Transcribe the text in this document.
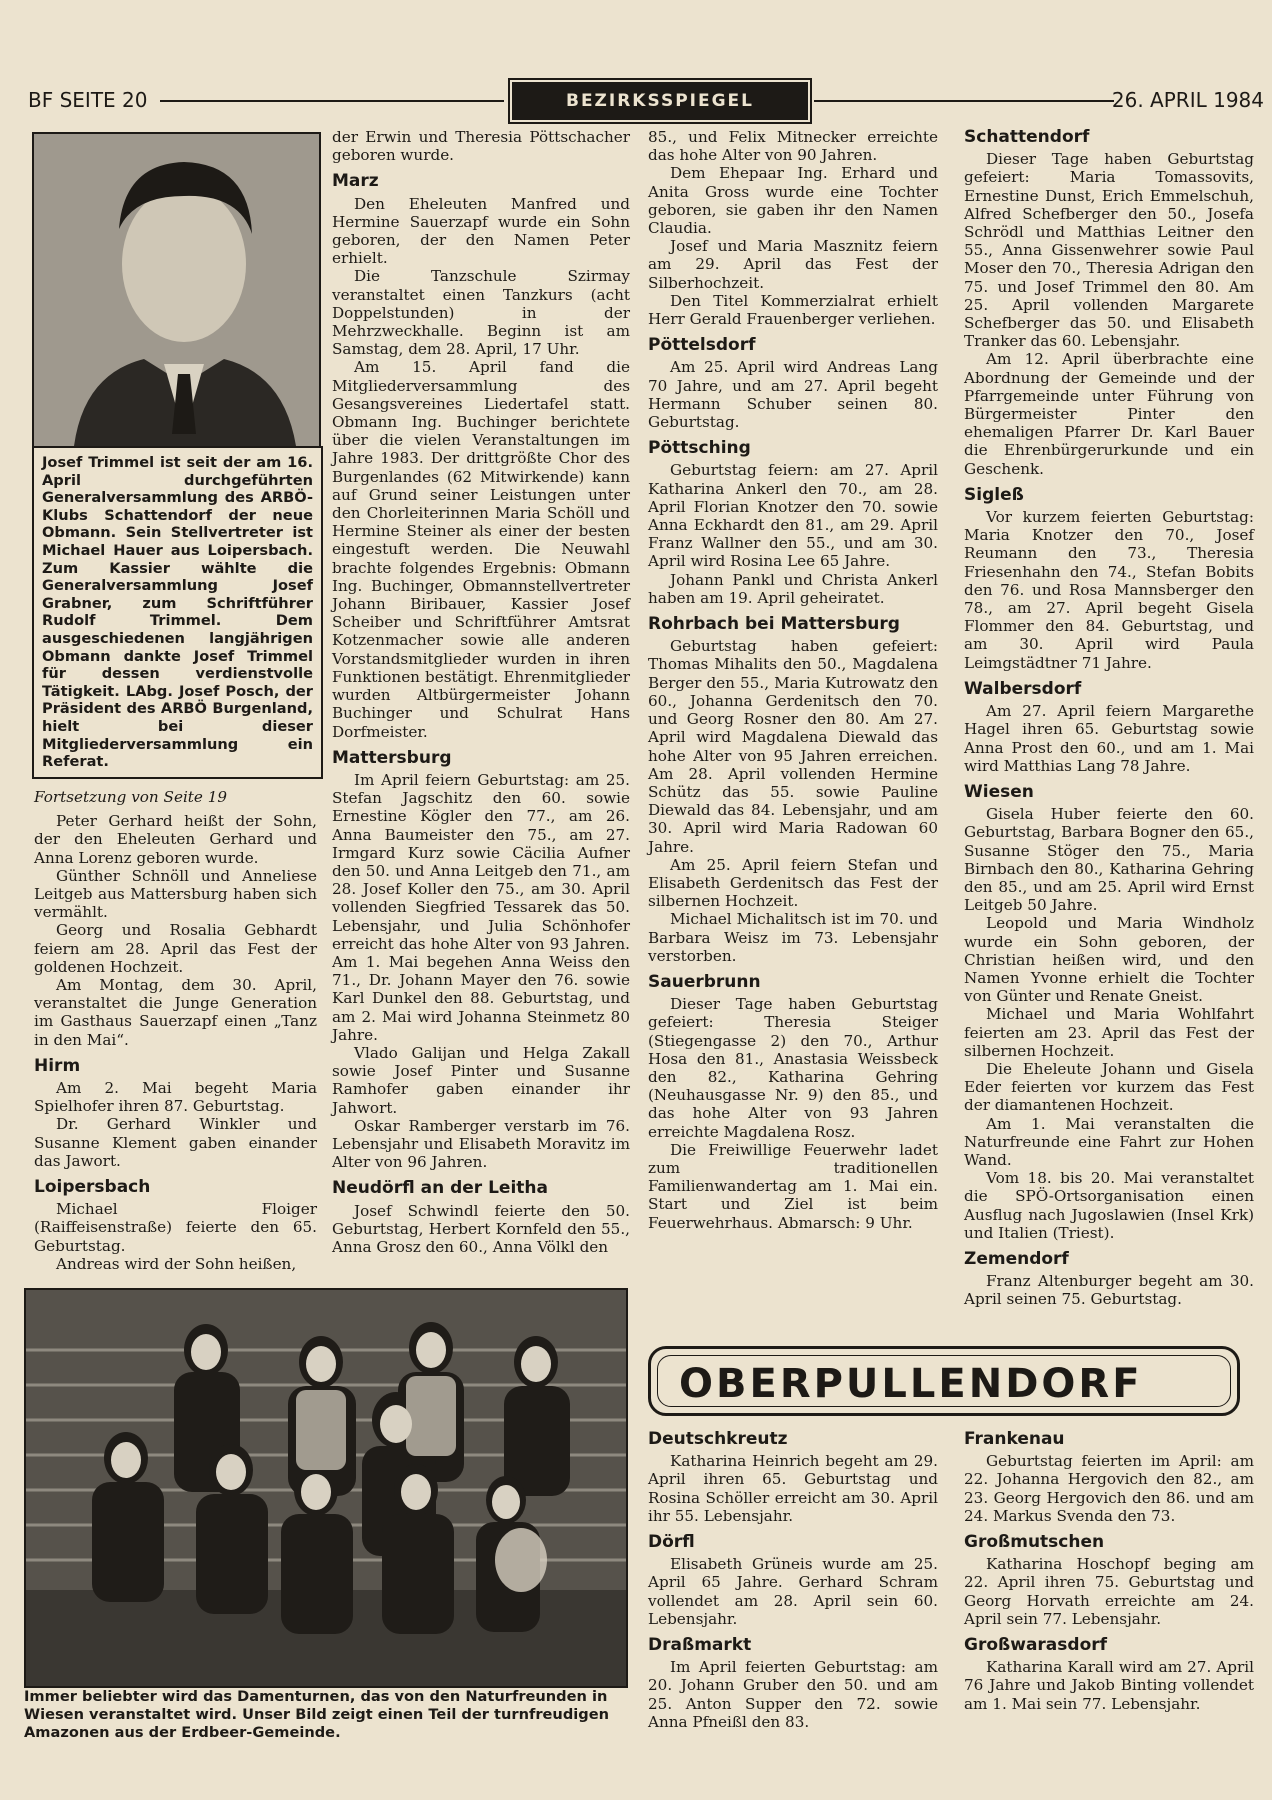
BF SEITE 20	BEZIRKSSPIEGEL	26. APRIL 1984
Josef Trimmel ist seit der am 16. April durchgeführten Generalversammlung des ARBÖ-Klubs Schattendorf der neue Obmann. Sein Stellvertreter ist Michael Hauer aus Loipersbach. Zum Kassier wählte die Generalversammlung Josef Grabner, zum Schriftführer Rudolf Trimmel. Dem ausgeschiedenen langjährigen Obmann dankte Josef Trimmel für dessen verdienstvolle Tätigkeit. LAbg. Josef Posch, der Präsident des ARBÖ Burgenland, hielt bei dieser Mitgliederversammlung ein Referat.

Fortsetzung von Seite 19

Peter Gerhard heißt der Sohn, der den Eheleuten Gerhard und Anna Lorenz geboren wurde.

Günther Schnöll und Anneliese Leitgeb aus Mattersburg haben sich vermählt.

Georg und Rosalia Gebhardt feiern am 28. April das Fest der goldenen Hochzeit.

Am Montag, dem 30. April, veranstaltet die Junge Generation im Gasthaus Sauerzapf einen „Tanz in den Mai“.

Hirm

Am 2. Mai begeht Maria Spielhofer ihren 87. Geburtstag.

Dr. Gerhard Winkler und Susanne Klement gaben einander das Jawort.

Loipersbach

Michael Floiger (Raiffeisenstraße) feierte den 65. Geburtstag.

Andreas wird der Sohn heißen,

der Erwin und Theresia Pöttschacher geboren wurde.

Marz

Den Eheleuten Manfred und Hermine Sauerzapf wurde ein Sohn geboren, der den Namen Peter erhielt.

Die Tanzschule Szirmay veranstaltet einen Tanzkurs (acht Doppelstunden) in der Mehrzweckhalle. Beginn ist am Samstag, dem 28. April, 17 Uhr.

Am 15. April fand die Mitgliederversammlung des Gesangsvereines Liedertafel statt. Obmann Ing. Buchinger berichtete über die vielen Veranstaltungen im Jahre 1983. Der drittgrößte Chor des Burgenlandes (62 Mitwirkende) kann auf Grund seiner Leistungen unter den Chorleiterinnen Maria Schöll und Hermine Steiner als einer der besten eingestuft werden. Die Neuwahl brachte folgendes Ergebnis: Obmann Ing. Buchinger, Obmannstellvertreter Johann Biribauer, Kassier Josef Scheiber und Schriftführer Amtsrat Kotzenmacher sowie alle anderen Vorstandsmitglieder wurden in ihren Funktionen bestätigt. Ehrenmitglieder wurden Altbürgermeister Johann Buchinger und Schulrat Hans Dorfmeister.

Mattersburg

Im April feiern Geburtstag: am 25. Stefan Jagschitz den 60. sowie Ernestine Kögler den 77., am 26. Anna Baumeister den 75., am 27. Irmgard Kurz sowie Cäcilia Aufner den 50. und Anna Leitgeb den 71., am 28. Josef Koller den 75., am 30. April vollenden Siegfried Tessarek das 50. Lebensjahr, und Julia Schönhofer erreicht das hohe Alter von 93 Jahren. Am 1. Mai begehen Anna Weiss den 71., Dr. Johann Mayer den 76. sowie Karl Dunkel den 88. Geburtstag, und am 2. Mai wird Johanna Steinmetz 80 Jahre.

Vlado Galijan und Helga Zakall sowie Josef Pinter und Susanne Ramhofer gaben einander ihr Jahwort.

Oskar Ramberger verstarb im 76. Lebensjahr und Elisabeth Moravitz im Alter von 96 Jahren.

Neudörfl an der Leitha

Josef Schwindl feierte den 50. Geburtstag, Herbert Kornfeld den 55., Anna Grosz den 60., Anna Völkl den

85., und Felix Mitnecker erreichte das hohe Alter von 90 Jahren.

Dem Ehepaar Ing. Erhard und Anita Gross wurde eine Tochter geboren, sie gaben ihr den Namen Claudia.

Josef und Maria Masznitz feiern am 29. April das Fest der Silberhochzeit.

Den Titel Kommerzialrat erhielt Herr Gerald Frauenberger verliehen.

Pöttelsdorf

Am 25. April wird Andreas Lang 70 Jahre, und am 27. April begeht Hermann Schuber seinen 80. Geburtstag.

Pöttsching

Geburtstag feiern: am 27. April Katharina Ankerl den 70., am 28. April Florian Knotzer den 70. sowie Anna Eckhardt den 81., am 29. April Franz Wallner den 55., und am 30. April wird Rosina Lee 65 Jahre.

Johann Pankl und Christa Ankerl haben am 19. April geheiratet.

Rohrbach bei Mattersburg

Geburtstag haben gefeiert: Thomas Mihalits den 50., Magdalena Berger den 55., Maria Kutrowatz den 60., Johanna Gerdenitsch den 70. und Georg Rosner den 80. Am 27. April wird Magdalena Diewald das hohe Alter von 95 Jahren erreichen. Am 28. April vollenden Hermine Schütz das 55. sowie Pauline Diewald das 84. Lebensjahr, und am 30. April wird Maria Radowan 60 Jahre.

Am 25. April feiern Stefan und Elisabeth Gerdenitsch das Fest der silbernen Hochzeit.

Michael Michalitsch ist im 70. und Barbara Weisz im 73. Lebensjahr verstorben.

Sauerbrunn

Dieser Tage haben Geburtstag gefeiert: Theresia Steiger (Stiegengasse 2) den 70., Arthur Hosa den 81., Anastasia Weissbeck den 82., Katharina Gehring (Neuhausgasse Nr. 9) den 85., und das hohe Alter von 93 Jahren erreichte Magdalena Rosz.

Die Freiwillige Feuerwehr ladet zum traditionellen Familienwandertag am 1. Mai ein. Start und Ziel ist beim Feuerwehrhaus. Abmarsch: 9 Uhr.

Schattendorf

Dieser Tage haben Geburtstag gefeiert: Maria Tomassovits, Ernestine Dunst, Erich Emmelschuh, Alfred Schefberger den 50., Josefa Schrödl und Matthias Leitner den 55., Anna Gissenwehrer sowie Paul Moser den 70., Theresia Adrigan den 75. und Josef Trimmel den 80. Am 25. April vollenden Margarete Schefberger das 50. und Elisabeth Tranker das 60. Lebensjahr.

Am 12. April überbrachte eine Abordnung der Gemeinde und der Pfarrgemeinde unter Führung von Bürgermeister Pinter den ehemaligen Pfarrer Dr. Karl Bauer die Ehrenbürgerurkunde und ein Geschenk.

Sigleß

Vor kurzem feierten Geburtstag: Maria Knotzer den 70., Josef Reumann den 73., Theresia Friesenhahn den 74., Stefan Bobits den 76. und Rosa Mannsberger den 78., am 27. April begeht Gisela Flommer den 84. Geburtstag, und am 30. April wird Paula Leimgstädtner 71 Jahre.

Walbersdorf

Am 27. April feiern Margarethe Hagel ihren 65. Geburtstag sowie Anna Prost den 60., und am 1. Mai wird Matthias Lang 78 Jahre.

Wiesen

Gisela Huber feierte den 60. Geburtstag, Barbara Bogner den 65., Susanne Stöger den 75., Maria Birnbach den 80., Katharina Gehring den 85., und am 25. April wird Ernst Leitgeb 50 Jahre.

Leopold und Maria Windholz wurde ein Sohn geboren, der Christian heißen wird, und den Namen Yvonne erhielt die Tochter von Günter und Renate Gneist.

Michael und Maria Wohlfahrt feierten am 23. April das Fest der silbernen Hochzeit.

Die Eheleute Johann und Gisela Eder feierten vor kurzem das Fest der diamantenen Hochzeit.

Am 1. Mai veranstalten die Naturfreunde eine Fahrt zur Hohen Wand.

Vom 18. bis 20. Mai veranstaltet die SPÖ-Ortsorganisation einen Ausflug nach Jugoslawien (Insel Krk) und Italien (Triest).

Zemendorf

Franz Altenburger begeht am 30. April seinen 75. Geburtstag.

Immer beliebter wird das Damenturnen, das von den Naturfreunden in Wiesen veranstaltet wird. Unser Bild zeigt einen Teil der turnfreudigen Amazonen aus der Erdbeer-Gemeinde.
OBERPULLENDORF
Deutschkreutz

Katharina Heinrich begeht am 29. April ihren 65. Geburtstag und Rosina Schöller erreicht am 30. April ihr 55. Lebensjahr.

Dörfl

Elisabeth Grüneis wurde am 25. April 65 Jahre. Gerhard Schram vollendet am 28. April sein 60. Lebensjahr.

Draßmarkt

Im April feierten Geburtstag: am 20. Johann Gruber den 50. und am 25. Anton Supper den 72. sowie Anna Pfneißl den 83.

Frankenau

Geburtstag feierten im April: am 22. Johanna Hergovich den 82., am 23. Georg Hergovich den 86. und am 24. Markus Svenda den 73.

Großmutschen

Katharina Hoschopf beging am 22. April ihren 75. Geburtstag und Georg Horvath erreichte am 24. April sein 77. Lebensjahr.

Großwarasdorf

Katharina Karall wird am 27. April 76 Jahre und Jakob Binting vollendet am 1. Mai sein 77. Lebensjahr.
